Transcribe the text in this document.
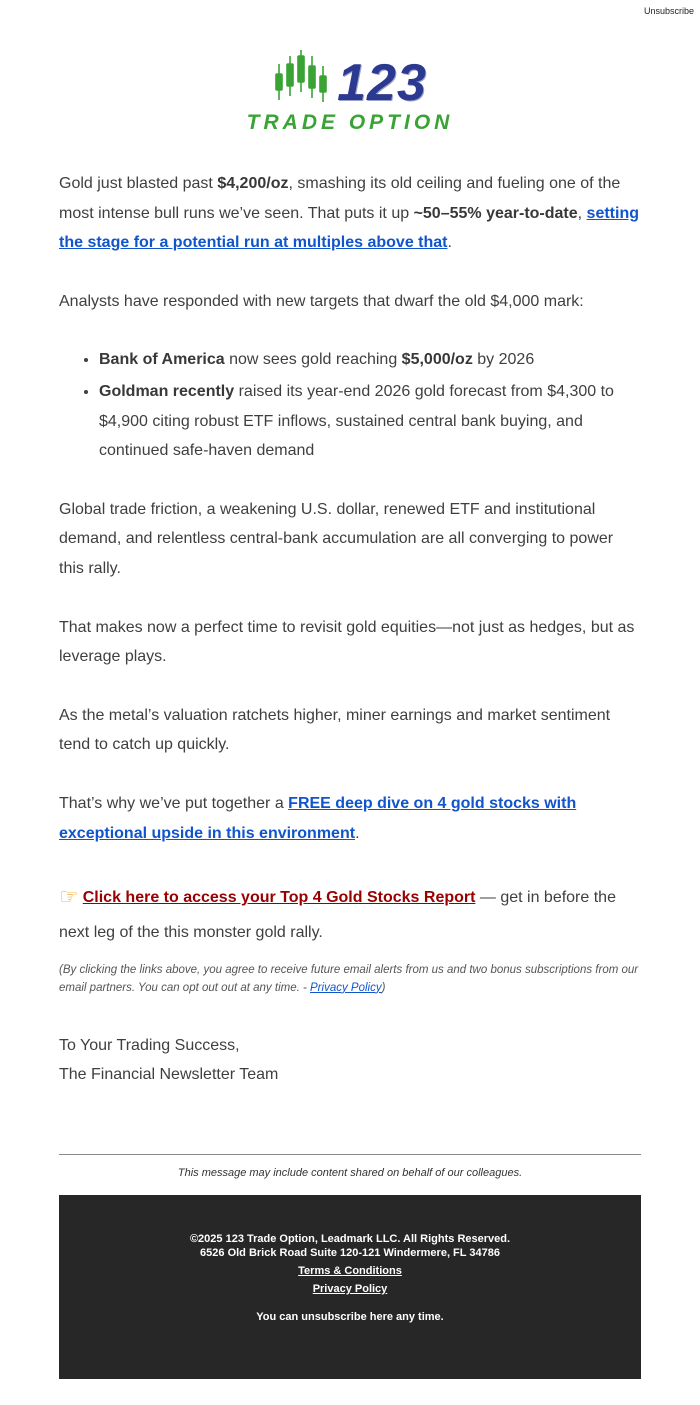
Unsubscribe
123
TRADE OPTION

Gold just blasted past $4,200/oz, smashing its old ceiling and fueling one of the most intense bull runs we’ve seen. That puts it up ~50–55% year-to-date, setting the stage for a potential run at multiples above that.

Analysts have responded with new targets that dwarf the old $4,000 mark:

• Bank of America now sees gold reaching $5,000/oz by 2026
• Goldman recently raised its year-end 2026 gold forecast from $4,300 to $4,900 citing robust ETF inflows, sustained central bank buying, and continued safe-haven demand

Global trade friction, a weakening U.S. dollar, renewed ETF and institutional demand, and relentless central-bank accumulation are all converging to power this rally.

That makes now a perfect time to revisit gold equities—not just as hedges, but as leverage plays.

As the metal’s valuation ratchets higher, miner earnings and market sentiment tend to catch up quickly.

That’s why we’ve put together a FREE deep dive on 4 gold stocks with exceptional upside in this environment.

☞ Click here to access your Top 4 Gold Stocks Report — get in before the next leg of the this monster gold rally.

(By clicking the links above, you agree to receive future email alerts from us and two bonus subscriptions from our email partners. You can opt out out at any time. - Privacy Policy)

To Your Trading Success,
The Financial Newsletter Team

This message may include content shared on behalf of our colleagues.

©2025 123 Trade Option, Leadmark LLC. All Rights Reserved.
6526 Old Brick Road Suite 120-121 Windermere, FL 34786
Terms & Conditions
Privacy Policy
You can unsubscribe here any time.
